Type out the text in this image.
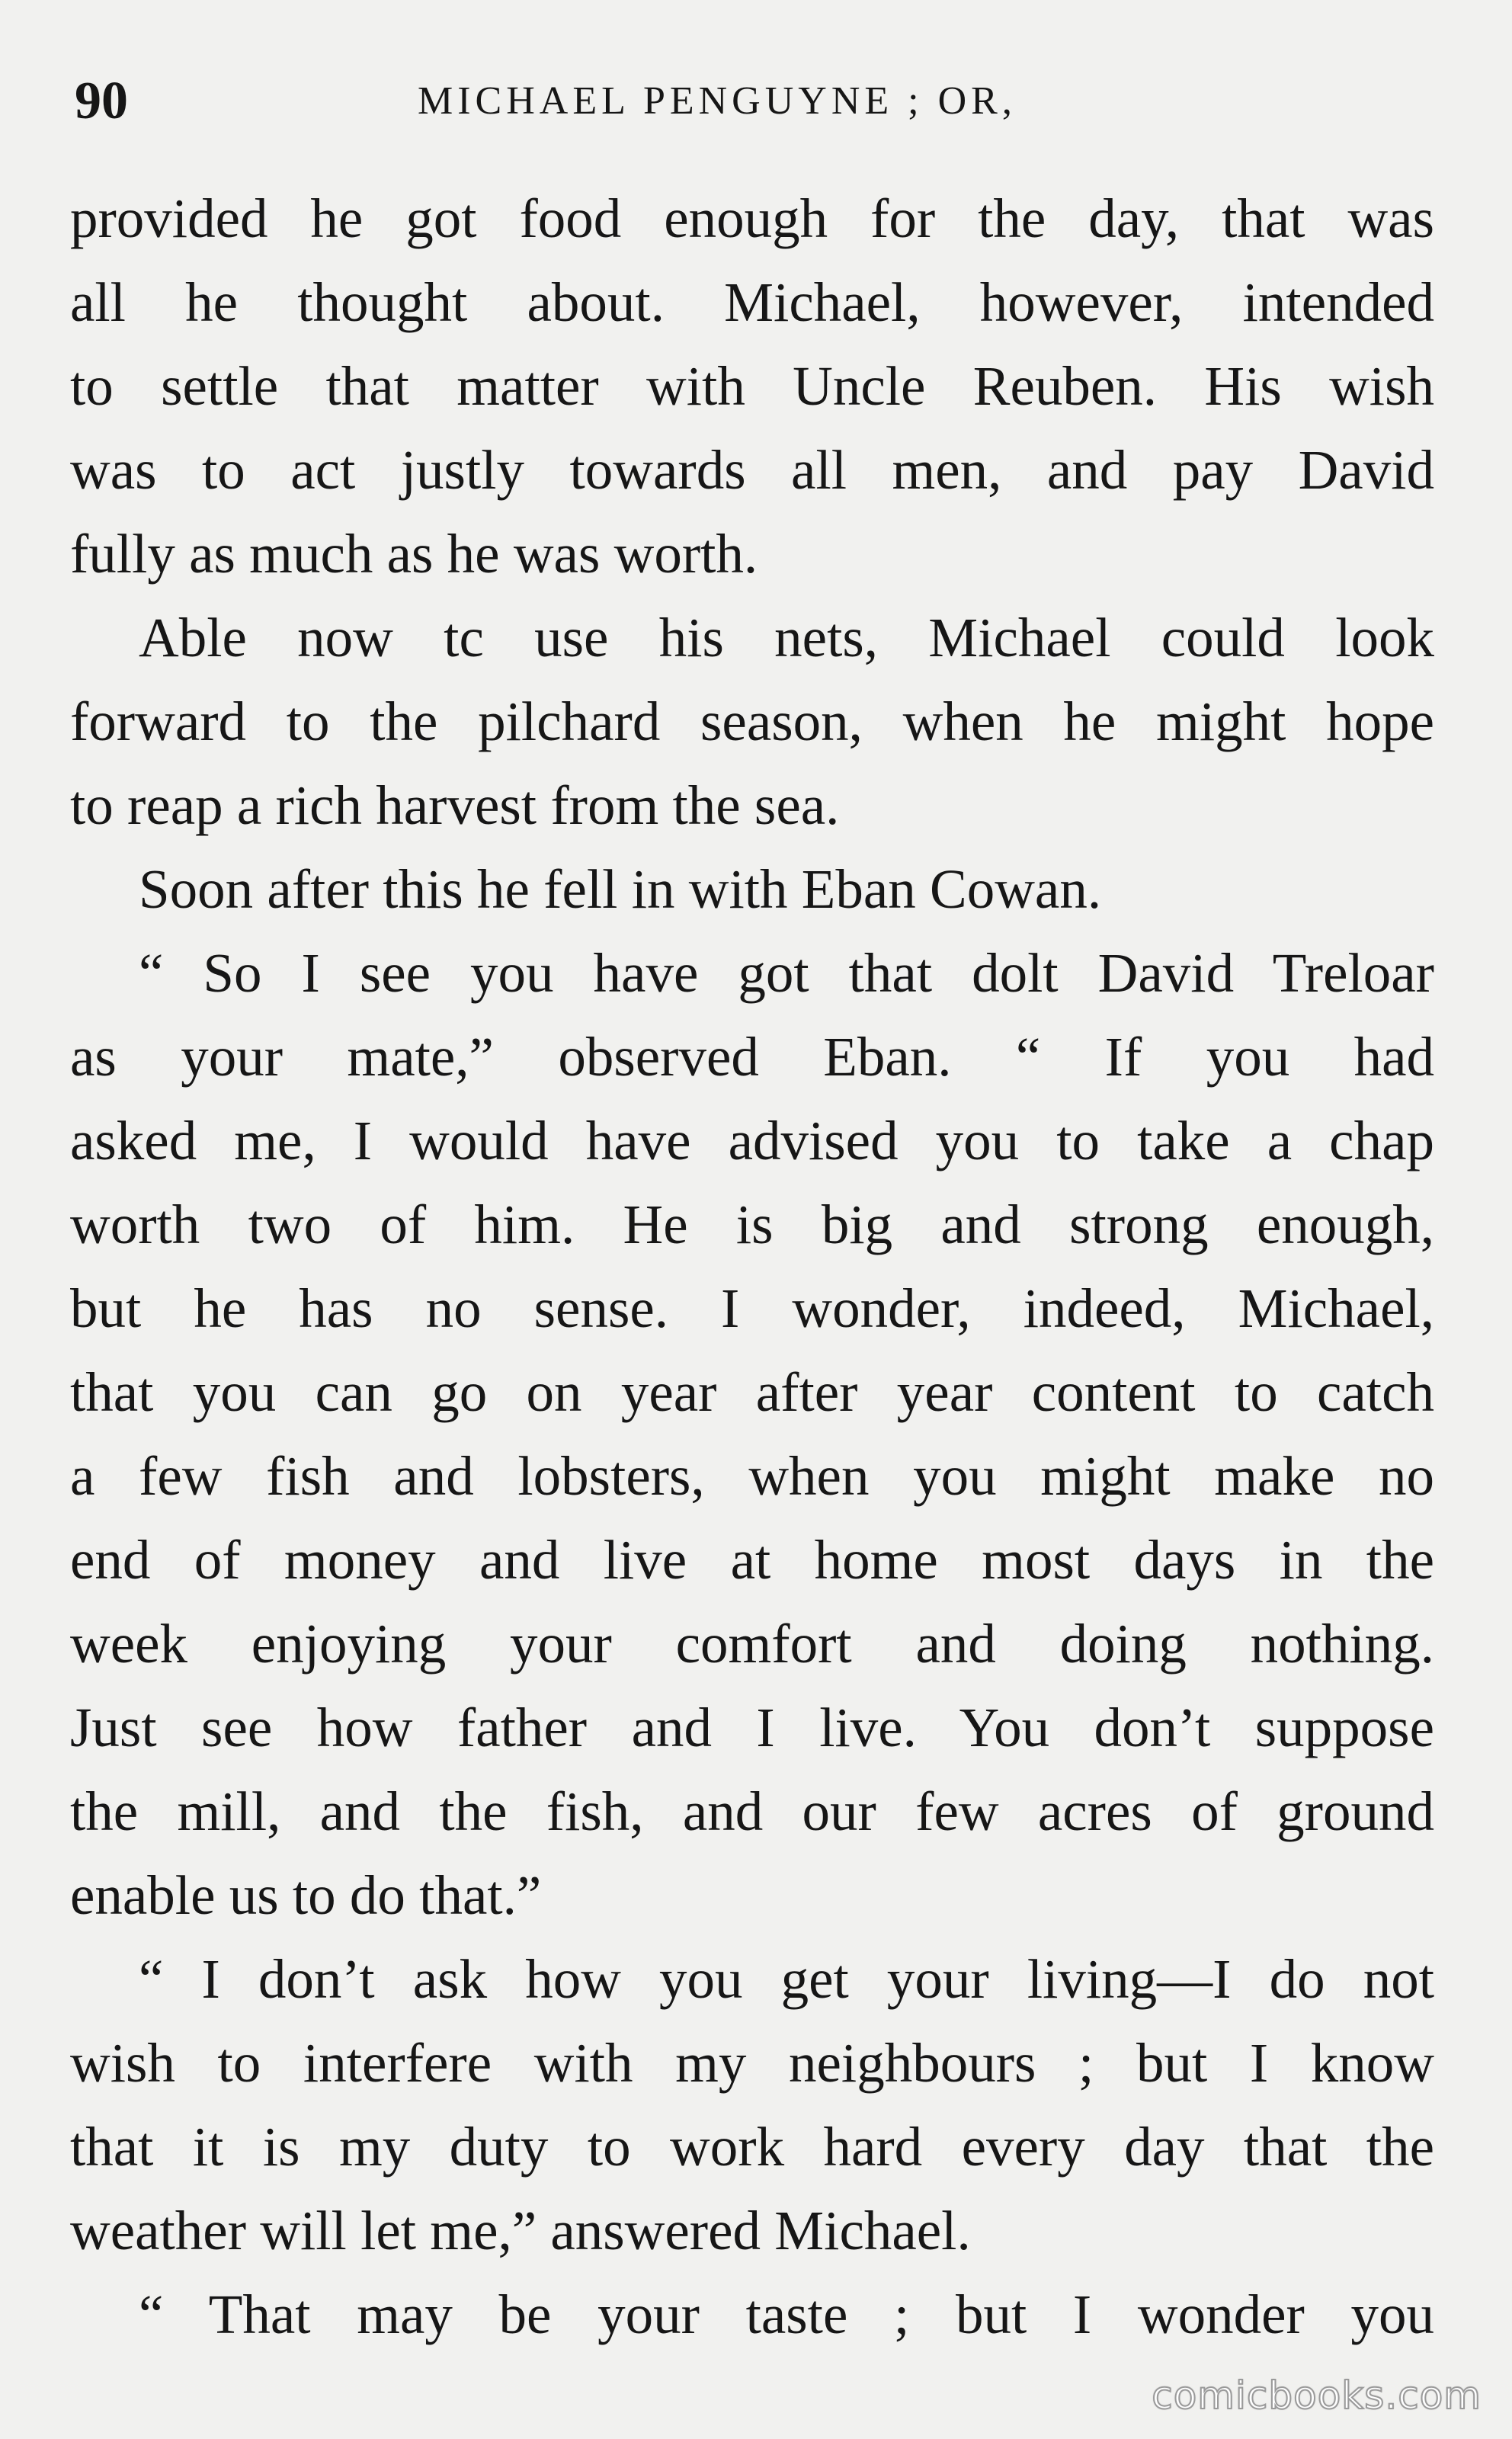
90	MICHAEL PENGUYNE ; OR,
provided he got food enough for the day, that was
all he thought about. Michael, however, intended
to settle that matter with Uncle Reuben. His wish
was to act justly towards all men, and pay David
fully as much as he was worth.
Able now tc use his nets, Michael could look
forward to the pilchard season, when he might hope
to reap a rich harvest from the sea.
Soon after this he fell in with Eban Cowan.
“ So I see you have got that dolt David Treloar
as your mate,” observed Eban. “ If you had
asked me, I would have advised you to take a chap
worth two of him. He is big and strong enough,
but he has no sense. I wonder, indeed, Michael,
that you can go on year after year content to catch
a few fish and lobsters, when you might make no
end of money and live at home most days in the
week enjoying your comfort and doing nothing.
Just see how father and I live. You don’t suppose
the mill, and the fish, and our few acres of ground
enable us to do that.”
“ I don’t ask how you get your living—I do not
wish to interfere with my neighbours ; but I know
that it is my duty to work hard every day that the
weather will let me,” answered Michael.
“ That may be your taste ; but I wonder you
comicbooks.com
